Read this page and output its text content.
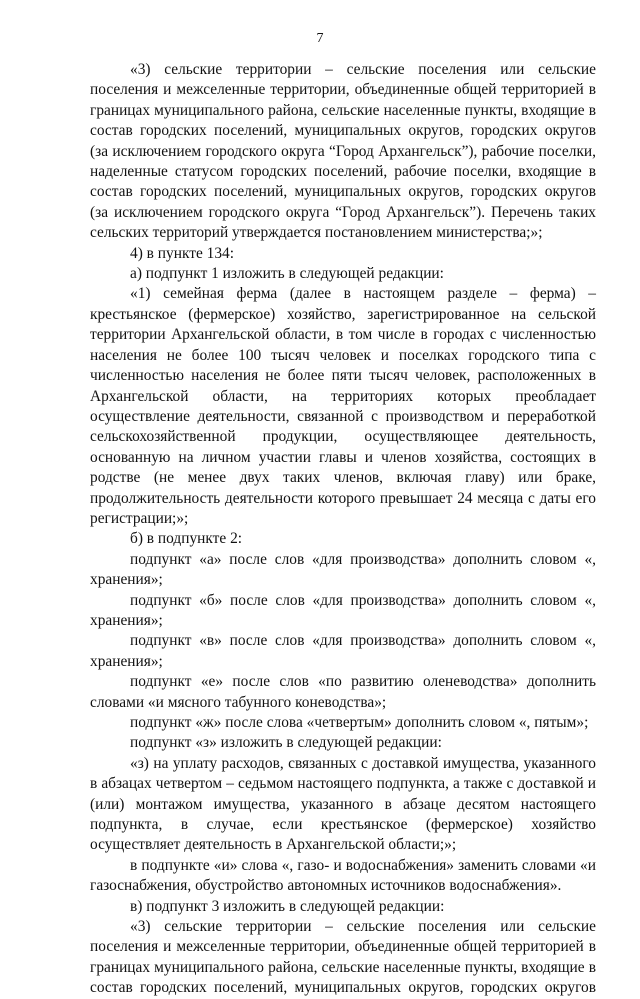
7

«3) сельские территории – сельские поселения или сельские поселения и межселенные территории, объединенные общей территорией в границах муниципального района, сельские населенные пункты, входящие в состав городских поселений, муниципальных округов, городских округов (за исключением городского округа “Город Архангельск”), рабочие поселки, наделенные статусом городских поселений, рабочие поселки, входящие в состав городских поселений, муниципальных округов, городских округов (за исключением городского округа “Город Архангельск”). Перечень таких сельских территорий утверждается постановлением министерства;»;

4) в пункте 134:

а) подпункт 1 изложить в следующей редакции:

«1) семейная ферма (далее в настоящем разделе – ферма) – крестьянское (фермерское) хозяйство, зарегистрированное на сельской территории Архангельской области, в том числе в городах с численностью населения не более 100 тысяч человек и поселках городского типа с численностью населения не более пяти тысяч человек, расположенных в Архангельской области, на территориях которых преобладает осуществление деятельности, связанной с производством и переработкой сельскохозяйственной продукции, осуществляющее деятельность, основанную на личном участии главы и членов хозяйства, состоящих в родстве (не менее двух таких членов, включая главу) или браке, продолжительность деятельности которого превышает 24 месяца с даты его регистрации;»;

б) в подпункте 2:

подпункт «а» после слов «для производства» дополнить словом «, хранения»;

подпункт «б» после слов «для производства» дополнить словом «, хранения»;

подпункт «в» после слов «для производства» дополнить словом «, хранения»;

подпункт «е» после слов «по развитию оленеводства» дополнить словами «и мясного табунного коневодства»;

подпункт «ж» после слова «четвертым» дополнить словом «, пятым»;

подпункт «з» изложить в следующей редакции:

«з) на уплату расходов, связанных с доставкой имущества, указанного в абзацах четвертом – седьмом настоящего подпункта, а также с доставкой и (или) монтажом имущества, указанного в абзаце десятом настоящего подпункта, в случае, если крестьянское (фермерское) хозяйство осуществляет деятельность в Архангельской области;»;

в подпункте «и» слова «, газо- и водоснабжения» заменить словами «и газоснабжения, обустройство автономных источников водоснабжения».

в) подпункт 3 изложить в следующей редакции:

«3) сельские территории – сельские поселения или сельские поселения и межселенные территории, объединенные общей территорией в границах муниципального района, сельские населенные пункты, входящие в состав городских поселений, муниципальных округов, городских округов
